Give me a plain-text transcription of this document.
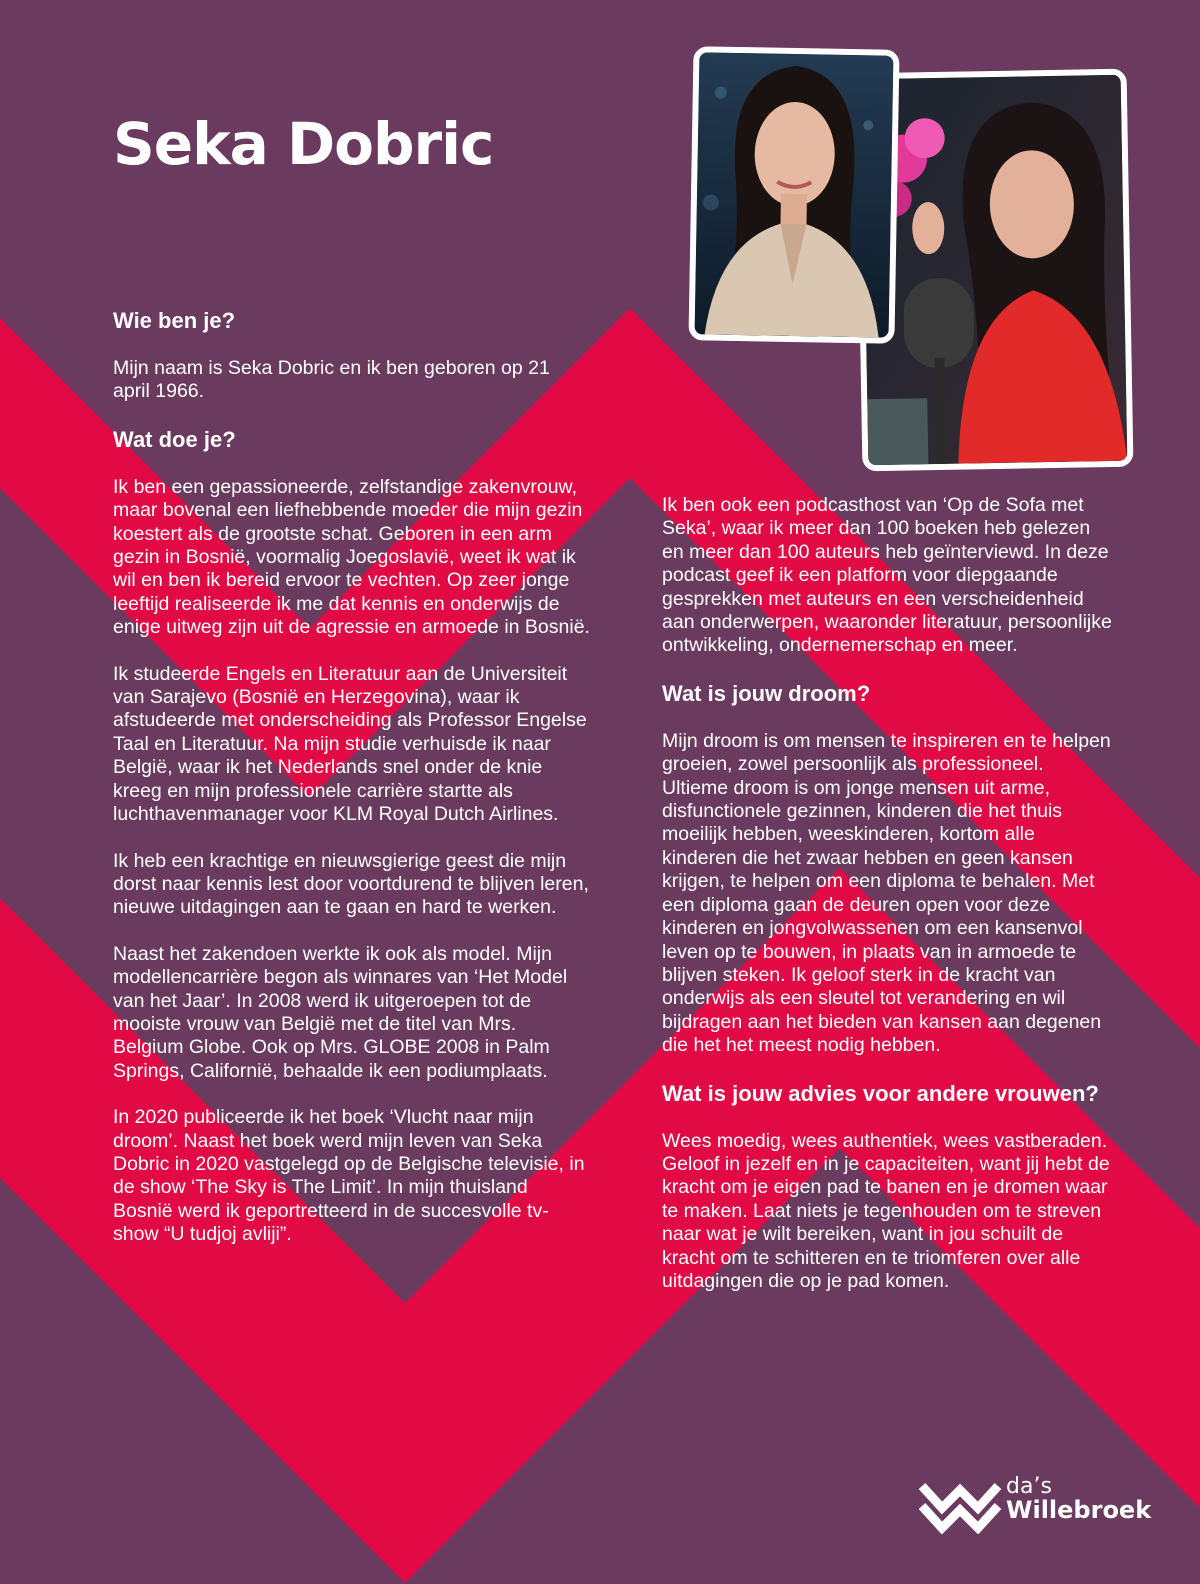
Seka Dobric
Wie ben je?

Mijn naam is Seka Dobric en ik ben geboren op 21 april 1966.

Wat doe je?

Ik ben een gepassioneerde, zelfstandige zakenvrouw, maar bovenal een liefhebbende moeder die mijn gezin koestert als de grootste schat. Geboren in een arm gezin in Bosnië, voormalig Joegoslavië, weet ik wat ik wil en ben ik bereid ervoor te vechten. Op zeer jonge leeftijd realiseerde ik me dat kennis en onderwijs de enige uitweg zijn uit de agressie en armoede in Bosnië.

Ik studeerde Engels en Literatuur aan de Universiteit van Sarajevo (Bosnië en Herzegovina), waar ik afstudeerde met onderscheiding als Professor Engelse Taal en Literatuur. Na mijn studie verhuisde ik naar België, waar ik het Nederlands snel onder de knie kreeg en mijn professionele carrière startte als luchthavenmanager voor KLM Royal Dutch Airlines.

Ik heb een krachtige en nieuwsgierige geest die mijn dorst naar kennis lest door voortdurend te blijven leren, nieuwe uitdagingen aan te gaan en hard te werken.

Naast het zakendoen werkte ik ook als model. Mijn modellencarrière begon als winnares van ‘Het Model van het Jaar’. In 2008 werd ik uitgeroepen tot de mooiste vrouw van België met de titel van Mrs. Belgium Globe. Ook op Mrs. GLOBE 2008 in Palm Springs, Californië, behaalde ik een podiumplaats.

In 2020 publiceerde ik het boek ‘Vlucht naar mijn droom’. Naast het boek werd mijn leven van Seka Dobric in 2020 vastgelegd op de Belgische televisie, in de show ‘The Sky is The Limit’. In mijn thuisland Bosnië werd ik geportretteerd in de succesvolle tv-show “U tudjoj avliji”.

Ik ben ook een podcasthost van ‘Op de Sofa met Seka’, waar ik meer dan 100 boeken heb gelezen en meer dan 100 auteurs heb geïnterviewd. In deze podcast geef ik een platform voor diepgaande gesprekken met auteurs en een verscheidenheid aan onderwerpen, waaronder literatuur, persoonlijke ontwikkeling, ondernemerschap en meer.

Wat is jouw droom?

Mijn droom is om mensen te inspireren en te helpen groeien, zowel persoonlijk als professioneel. Ultieme droom is om jonge mensen uit arme, disfunctionele gezinnen, kinderen die het thuis moeilijk hebben, weeskinderen, kortom alle kinderen die het zwaar hebben en geen kansen krijgen, te helpen om een diploma te behalen. Met een diploma gaan de deuren open voor deze kinderen en jongvolwassenen om een kansenvol leven op te bouwen, in plaats van in armoede te blijven steken. Ik geloof sterk in de kracht van onderwijs als een sleutel tot verandering en wil bijdragen aan het bieden van kansen aan degenen die het het meest nodig hebben.

Wat is jouw advies voor andere vrouwen?

Wees moedig, wees authentiek, wees vastberaden. Geloof in jezelf en in je capaciteiten, want jij hebt de kracht om je eigen pad te banen en je dromen waar te maken. Laat niets je tegenhouden om te streven naar wat je wilt bereiken, want in jou schuilt de kracht om te schitteren en te triomferen over alle uitdagingen die op je pad komen.

da’s
Willebroek
